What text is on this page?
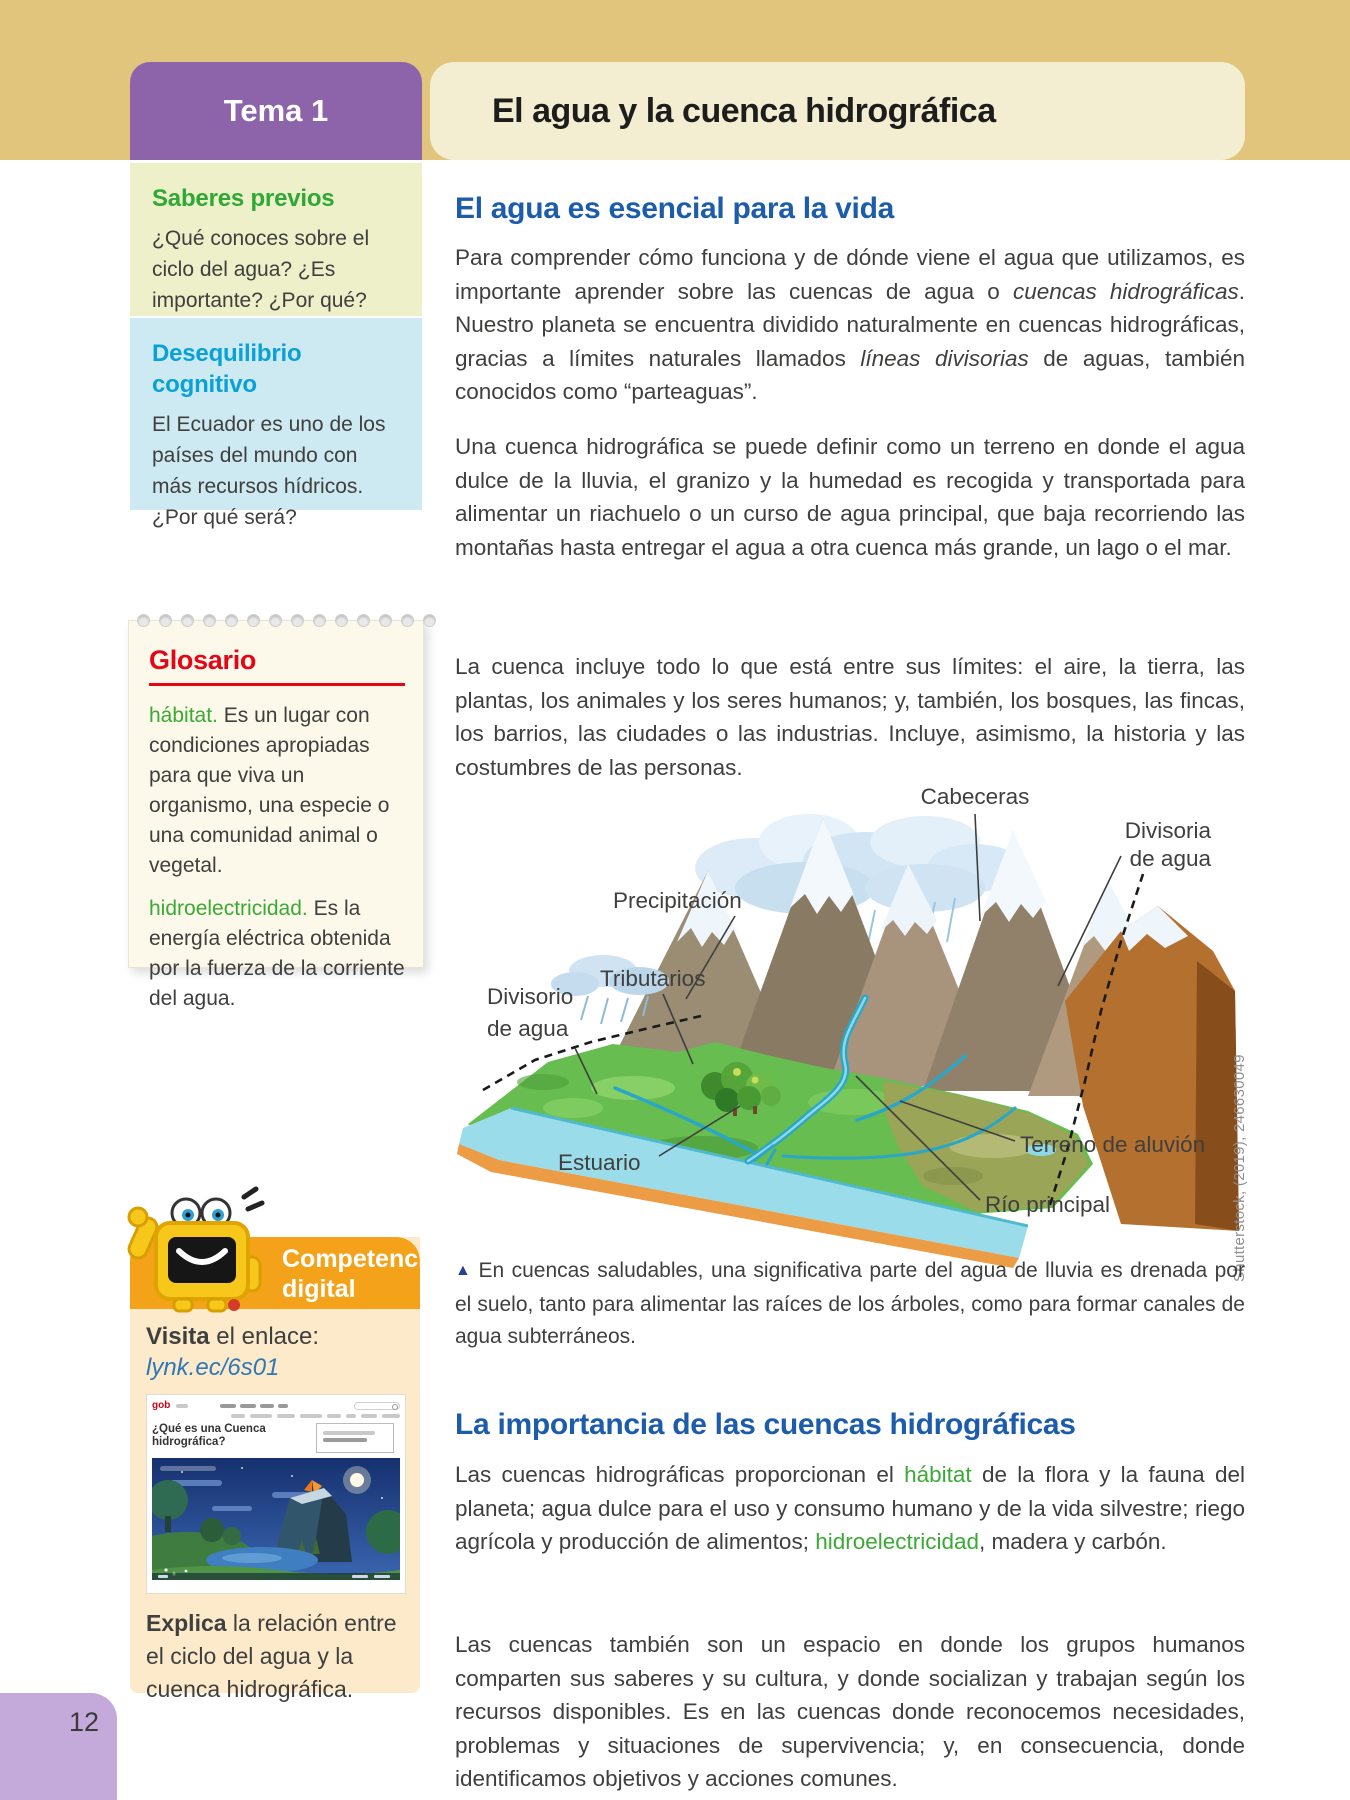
Tema 1	El agua y la cuenca hidrográfica
Saberes previos

¿Qué conoces sobre el ciclo del agua? ¿Es importante? ¿Por qué?

Desequilibrio cognitivo

El Ecuador es uno de los países del mundo con más recursos hídricos. ¿Por qué será?

Glosario

hábitat. Es un lugar con condiciones apropiadas para que viva un organismo, una especie o una comunidad animal o vegetal.

hidroelectricidad. Es la energía eléctrica obtenida por la fuerza de la corriente del agua.

Competencia
digital

Visita el enlace:

lynk.ec/6s01
gob
¿Qué es una Cuenca hidrográfica?

Explica la relación entre el ciclo del agua y la cuenca hidrográfica.

El agua es esencial para la vida

Para comprender cómo funciona y de dónde viene el agua que utilizamos, es importante aprender sobre las cuencas de agua o cuencas hidrográficas. Nuestro planeta se encuentra dividido naturalmente en cuencas hidrográficas, gracias a límites naturales llamados líneas divisorias de aguas, también conocidos como “parteaguas”.

Una cuenca hidrográfica se puede definir como un terreno en donde el agua dulce de la lluvia, el granizo y la humedad es recogida y transportada para alimentar un riachuelo o un curso de agua principal, que baja recorriendo las montañas hasta entregar el agua a otra cuenca más grande, un lago o el mar.

La cuenca incluye todo lo que está entre sus límites: el aire, la tierra, las plantas, los animales y los seres humanos; y, también, los bosques, las fincas, los barrios, las ciudades o las industrias. Incluye, asimismo, la historia y las costumbres de las personas.

Cabeceras
Divisoria
de agua
Precipitación
Tributarios
Divisorio
de agua
Estuario
Terreno de aluvión
Río principal	Shutterstock, (2019), 246630049

▲ En cuencas saludables, una significativa parte del agua de lluvia es drenada por el suelo, tanto para alimentar las raíces de los árboles, como para formar canales de agua subterráneos.

La importancia de las cuencas hidrográficas

Las cuencas hidrográficas proporcionan el hábitat de la flora y la fauna del planeta; agua dulce para el uso y consumo humano y de la vida silvestre; riego agrícola y producción de alimentos; hidroelectricidad, madera y carbón.

Las cuencas también son un espacio en donde los grupos humanos comparten sus saberes y su cultura, y donde socializan y trabajan según los recursos disponibles. Es en las cuencas donde reconocemos necesidades, problemas y situaciones de supervivencia; y, en consecuencia, donde identificamos objetivos y acciones comunes.

12
